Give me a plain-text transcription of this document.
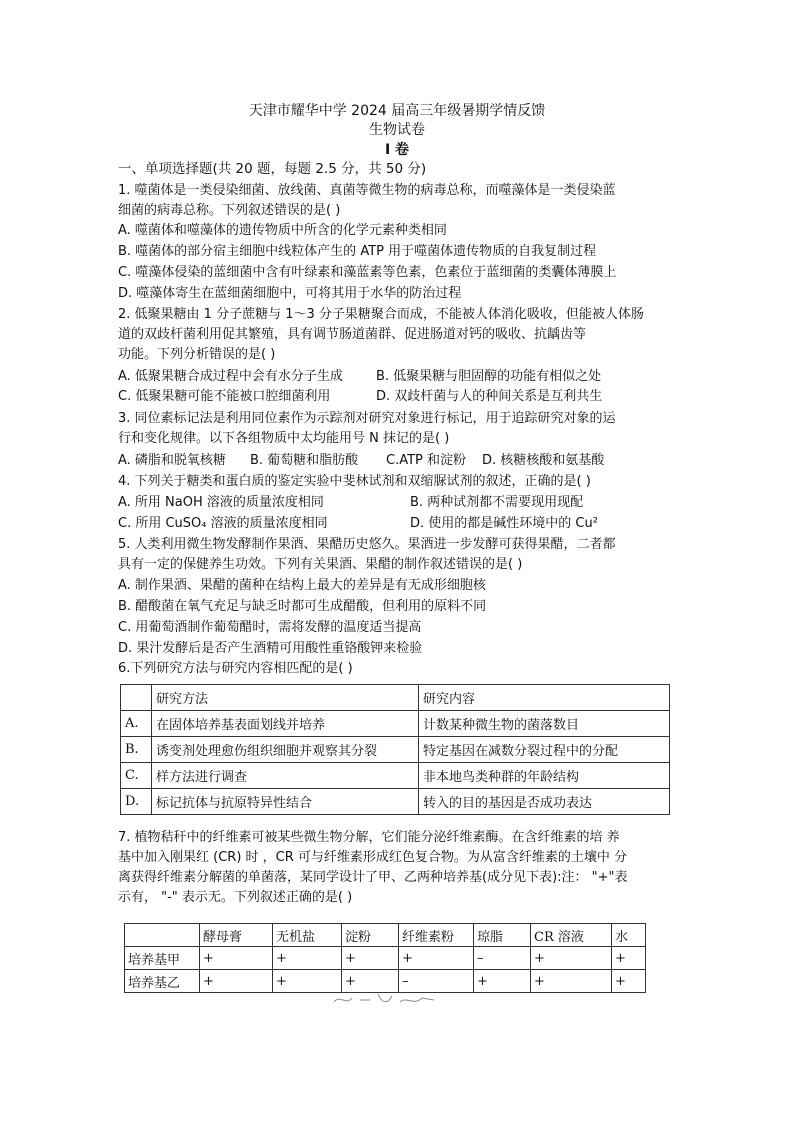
天津市耀华中学 2024 届高三年级暑期学情反馈
生物试卷
I 卷
一、单项选择题(共 20 题，每题 2.5 分，共 50 分)
1. 噬菌体是一类侵染细菌、放线菌、真菌等微生物的病毒总称，而噬藻体是一类侵染蓝
细菌的病毒总称。下列叙述错误的是( )
A. 噬菌体和噬藻体的遗传物质中所含的化学元素种类相同
B. 噬菌体的部分宿主细胞中线粒体产生的 ATP 用于噬菌体遗传物质的自我复制过程
C. 噬藻体侵染的蓝细菌中含有叶绿素和藻蓝素等色素，色素位于蓝细菌的类囊体薄膜上
D. 噬藻体寄生在蓝细菌细胞中，可将其用于水华的防治过程
2. 低聚果糖由 1 分子蔗糖与 1～3 分子果糖聚合而成，不能被人体消化吸收，但能被人体肠
道的双歧杆菌利用促其繁殖，具有调节肠道菌群、促进肠道对钙的吸收、抗龋齿等
功能。下列分析错误的是( )
A. 低聚果糖合成过程中会有水分子生成	B. 低聚果糖与胆固醇的功能有相似之处
C. 低聚果糖可能不能被口腔细菌利用	D. 双歧杆菌与人的种间关系是互利共生
3. 同位素标记法是利用同位素作为示踪剂对研究对象进行标记，用于追踪研究对象的运
行和变化规律。以下各组物质中太均能用号 N 抹记的是( )
A. 磷脂和脱氧核糖 B. 葡萄糖和脂肪酸 C.ATP 和淀粉 D. 核糖核酸和氨基酸
4. 下列关于糖类和蛋白质的鉴定实验中斐林试剂和双缩脲试剂的叙述，正确的是( )
A. 所用 NaOH 溶液的质量浓度相同	B. 两种试剂都不需要现用现配
C. 所用 CuSO₄ 溶液的质量浓度相同	D. 使用的都是碱性环境中的 Cu²
5. 人类利用微生物发酵制作果酒、果醋历史悠久。果酒进一步发酵可获得果醋，二者都
具有一定的保健养生功效。下列有关果酒、果醋的制作叙述错误的是( )
A. 制作果酒、果醋的菌种在结构上最大的差异是有无成形细胞核
B. 醋酸菌在氧气充足与缺乏时都可生成醋酸，但利用的原料不同
C. 用葡萄酒制作葡萄醋时，需将发酵的温度适当提高
D. 果汁发酵后是否产生酒精可用酸性重铬酸钾来检验
6.下列研究方法与研究内容相匹配的是( )
	研究方法	研究内容
A.	在固体培养基表面划线并培养	计数某种微生物的菌落数目
B.	诱变剂处理愈伤组织细胞并观察其分裂	特定基因在减数分裂过程中的分配
C.	样方法进行调查	非本地鸟类种群的年龄结构
D.	标记抗体与抗原特异性结合	转入的目的基因是否成功表达
7. 植物秸秆中的纤维素可被某些微生物分解，它们能分泌纤维素酶。在含纤维素的培 养
基中加入刚果红 (CR) 时 ，CR 可与纤维素形成红色复合物。为从富含纤维素的土壤中 分
离获得纤维素分解菌的单菌落，某同学设计了甲、乙两种培养基(成分见下表):注： "+"表
示有， "-" 表示无。下列叙述正确的是( )
	酵母膏	无机盐	淀粉	纤维素粉	琼脂	CR 溶液	水
培养基甲	+	+	+	+	–	+	+
培养基乙	+	+	+	–	+	+	+
